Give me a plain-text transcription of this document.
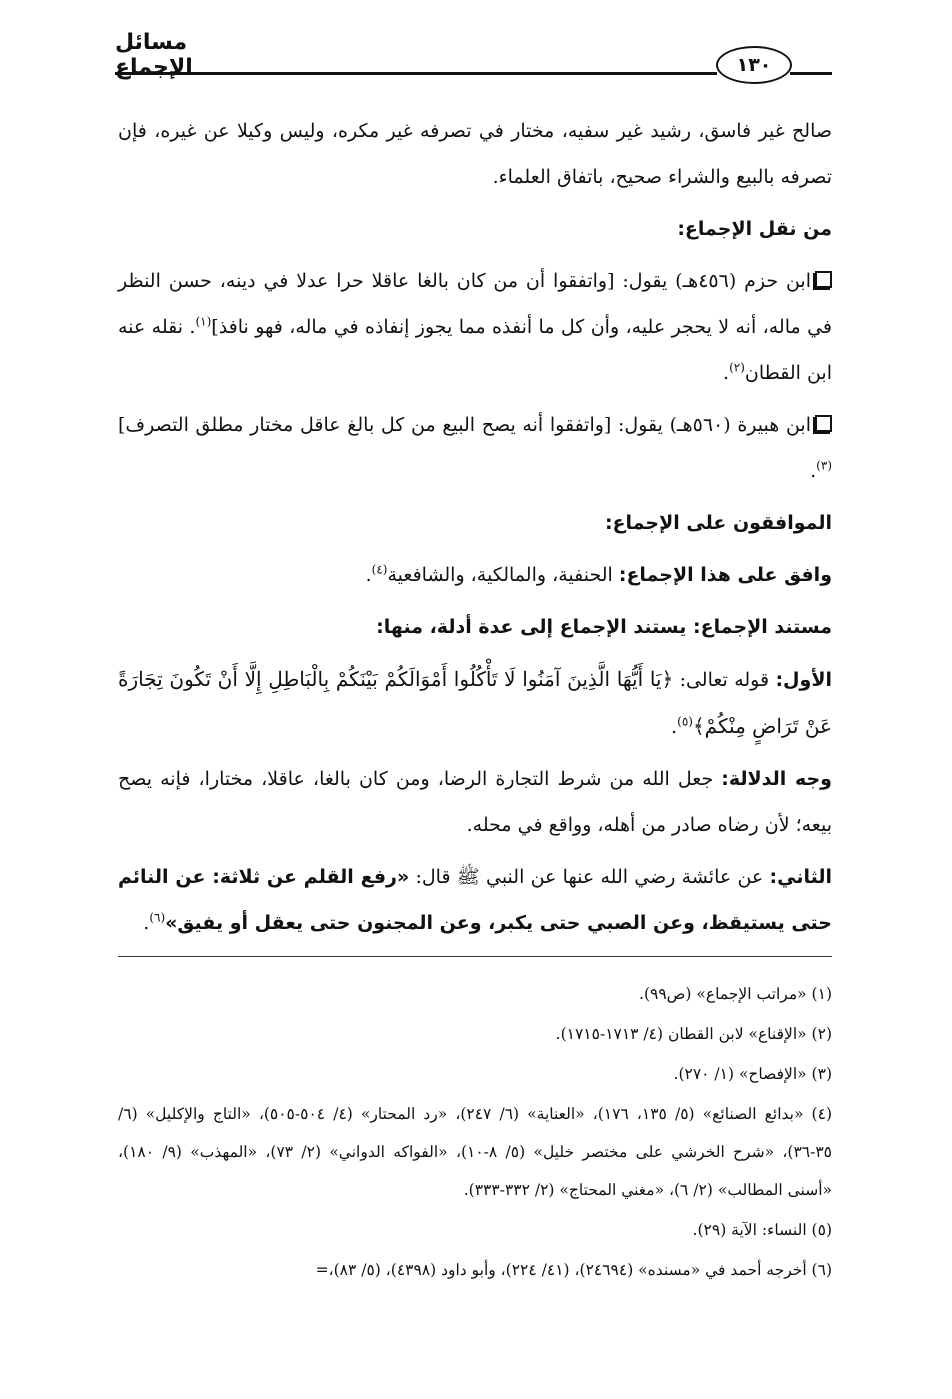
مسائل الإجماع	١٣٠

صالح غير فاسق، رشيد غير سفيه، مختار في تصرفه غير مكره، وليس وكيلا عن غيره، فإن تصرفه بالبيع والشراء صحيح، باتفاق العلماء.

من نقل الإجماع:

ابن حزم (٤٥٦هـ) يقول: [واتفقوا أن من كان بالغا عاقلا حرا عدلا في دينه، حسن النظر في ماله، أنه لا يحجر عليه، وأن كل ما أنفذه مما يجوز إنفاذه في ماله، فهو نافذ]$^{(١)}$. نقله عنه ابن القطان$^{(٢)}$.

ابن هبيرة (٥٦٠هـ) يقول: [واتفقوا أنه يصح البيع من كل بالغ عاقل مختار مطلق التصرف]$^{(٣)}$.

الموافقون على الإجماع:

وافق على هذا الإجماع: الحنفية، والمالكية، والشافعية$^{(٤)}$.

مستند الإجماع: يستند الإجماع إلى عدة أدلة، منها:

الأول: قوله تعالى: ﴿يَا أَيُّهَا الَّذِينَ آمَنُوا لَا تَأْكُلُوا أَمْوَالَكُمْ بَيْنَكُمْ بِالْبَاطِلِ إِلَّا أَنْ تَكُونَ تِجَارَةً عَنْ تَرَاضٍ مِنْكُمْ﴾$^{(٥)}$.

وجه الدلالة: جعل الله من شرط التجارة الرضا، ومن كان بالغا، عاقلا، مختارا، فإنه يصح بيعه؛ لأن رضاه صادر من أهله، وواقع في محله.

الثاني: عن عائشة رضي الله عنها عن النبي ﷺ قال: «رفع القلم عن ثلاثة: عن النائم حتى يستيقظ، وعن الصبي حتى يكبر، وعن المجنون حتى يعقل أو يفيق»$^{(٦)}$.

(١) «مراتب الإجماع» (ص٩٩).

(٢) «الإقناع» لابن القطان (٤/ ١٧١٣-١٧١٥).

(٣) «الإفصاح» (١/ ٢٧٠).

(٤) «بدائع الصنائع» (٥/ ١٣٥، ١٧٦)، «العناية» (٦/ ٢٤٧)، «رد المحتار» (٤/ ٥٠٤-٥٠٥)، «التاج والإكليل» (٦/ ٣٥-٣٦)، «شرح الخرشي على مختصر خليل» (٥/ ٨-١٠)، «الفواكه الدواني» (٢/ ٧٣)، «المهذب» (٩/ ١٨٠)، «أسنى المطالب» (٢/ ٦)، «مغني المحتاج» (٢/ ٣٣٢-٣٣٣).

(٥) النساء: الآية (٢٩).

(٦) أخرجه أحمد في «مسنده» (٢٤٦٩٤)، (٤١/ ٢٢٤)، وأبو داود (٤٣٩٨)، (٥/ ٨٣)،=
